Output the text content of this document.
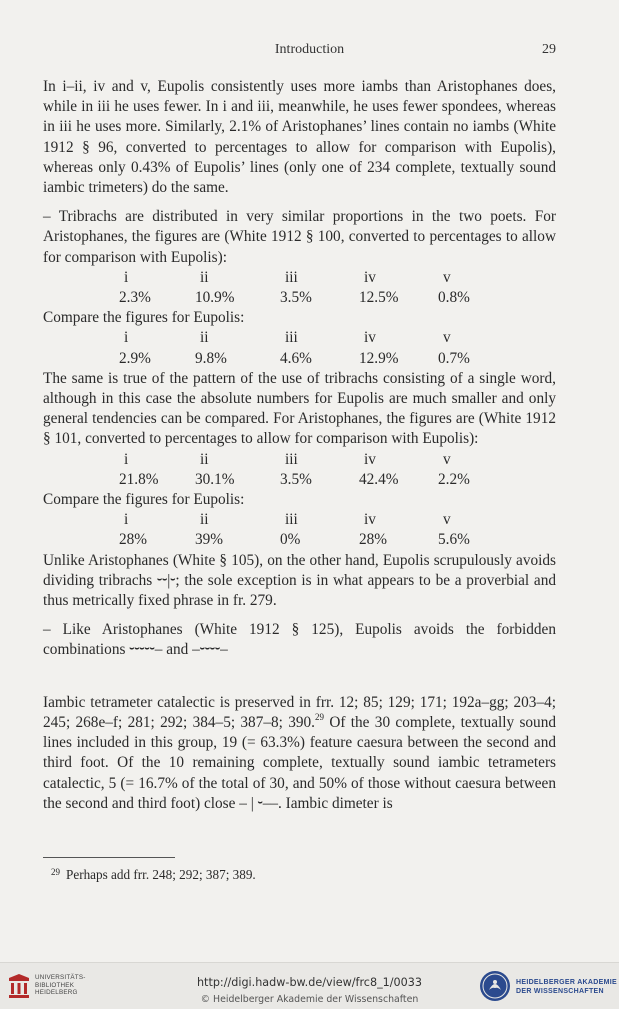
Introduction	29

In i–ii, iv and v, Eupolis consistently uses more iambs than Aristophanes does, while in iii he uses fewer. In i and iii, meanwhile, he uses fewer spondees, whereas in iii he uses more. Similarly, 2.1% of Aristophanes’ lines contain no iambs (White 1912 § 96, converted to percentages to allow for comparison with Eupolis), whereas only 0.43% of Eupolis’ lines (only one of 234 complete, textually sound iambic trimeters) do the same.

– Tribrachs are distributed in very similar proportions in the two poets. For Aristophanes, the figures are (White 1912 § 100, converted to percentages to allow for comparison with Eupolis):

i	ii	iii	iv	v
2.3%	10.9%	3.5%	12.5%	0.8%

Compare the figures for Eupolis:

i	ii	iii	iv	v
2.9%	9.8%	4.6%	12.9%	0.7%

The same is true of the pattern of the use of tribrachs consisting of a single word, although in this case the absolute numbers for Eupolis are much smaller and only general tendencies can be compared. For Aristophanes, the figures are (White 1912 § 101, converted to percentages to allow for comparison with Eupolis):

i	ii	iii	iv	v
21.8%	30.1%	3.5%	42.4%	2.2%

Compare the figures for Eupolis:

i	ii	iii	iv	v
28%	39%	0%	28%	5.6%

Unlike Aristophanes (White § 105), on the other hand, Eupolis scrupulously avoids dividing tribrachs ⏑⏑|⏑; the sole exception is in what appears to be a proverbial and thus metrically fixed phrase in fr. 279.

– Like Aristophanes (White 1912 § 125), Eupolis avoids the forbidden combinations ⏑⏑⏑⏑⏑– and –⏑⏑⏑⏑–

Iambic tetrameter catalectic is preserved in frr. 12; 85; 129; 171; 192a–gg; 203–4; 245; 268e–f; 281; 292; 384–5; 387–8; 390.29 Of the 30 complete, textually sound lines included in this group, 19 (= 63.3%) feature caesura between the second and third foot. Of the 10 remaining complete, textually sound iambic tetrameters catalectic, 5 (= 16.7% of the total of 30, and 50% of those without caesura between the second and third foot) close – | ⏑––. Iambic dimeter is

$^{29}$ Perhaps add frr. 248; 292; 387; 389.
UNIVERSITÄTS-
BIBLIOTHEK
HEIDELBERG
http://digi.hadw-bw.de/view/frc8_1/0033
© Heidelberger Akademie der Wissenschaften
HEIDELBERGER AKADEMIE
DER WISSENSCHAFTEN
